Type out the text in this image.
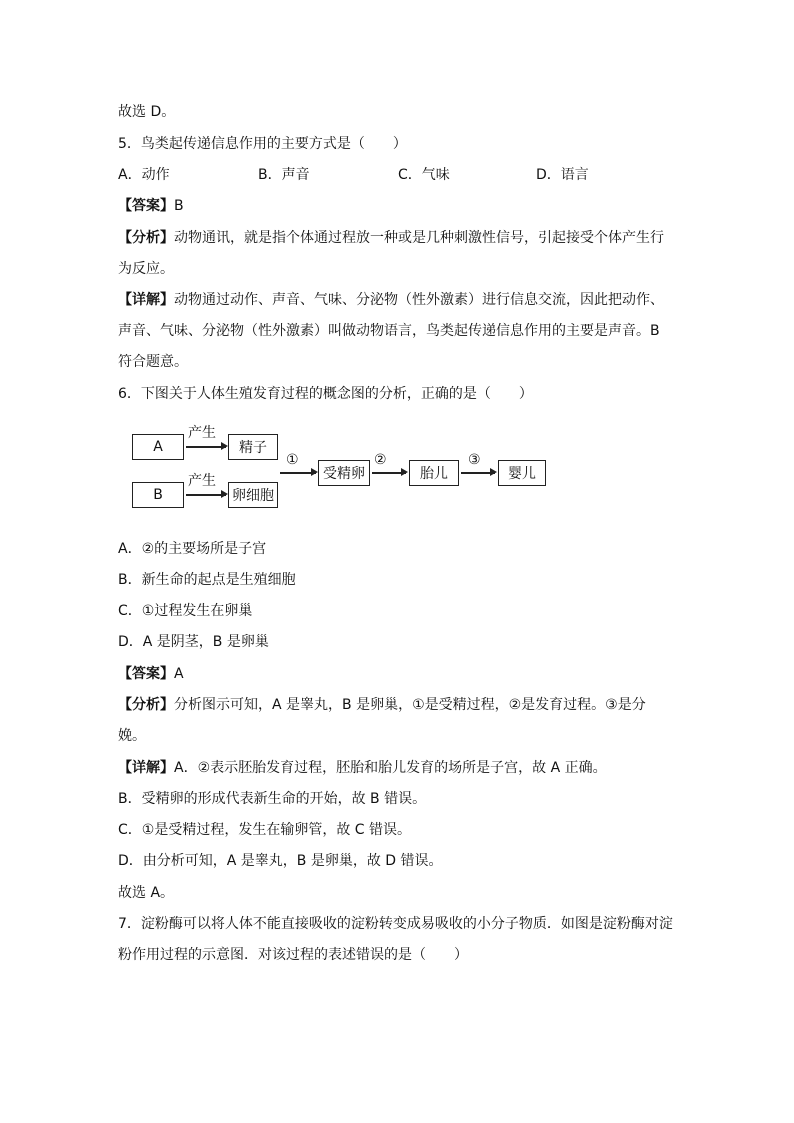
故选 D。
5．鸟类起传递信息作用的主要方式是（　　）
A．动作	B．声音	C．气味	D．语言
【答案】B
【分析】动物通讯，就是指个体通过程放一种或是几种刺激性信号，引起接受个体产生行
为反应。
【详解】动物通过动作、声音、气味、分泌物（性外激素）进行信息交流，因此把动作、
声音、气味、分泌物（性外激素）叫做动物语言，鸟类起传递信息作用的主要是声音。B
符合题意。
6．下图关于人体生殖发育过程的概念图的分析，正确的是（　　）
A
产生
精子
B
产生
卵细胞
①
受精卵
②
胎儿
③
婴儿
A．②的主要场所是子宫
B．新生命的起点是生殖细胞
C．①过程发生在卵巢
D．A 是阴茎，B 是卵巢
【答案】A
【分析】分析图示可知，A 是睾丸，B 是卵巢，①是受精过程，②是发育过程。③是分
娩。
【详解】A．②表示胚胎发育过程，胚胎和胎儿发育的场所是子宫，故 A 正确。
B．受精卵的形成代表新生命的开始，故 B 错误。
C．①是受精过程，发生在输卵管，故 C 错误。
D．由分析可知，A 是睾丸，B 是卵巢，故 D 错误。
故选 A。
7．淀粉酶可以将人体不能直接吸收的淀粉转变成易吸收的小分子物质．如图是淀粉酶对淀
粉作用过程的示意图．对该过程的表述错误的是（　　）
